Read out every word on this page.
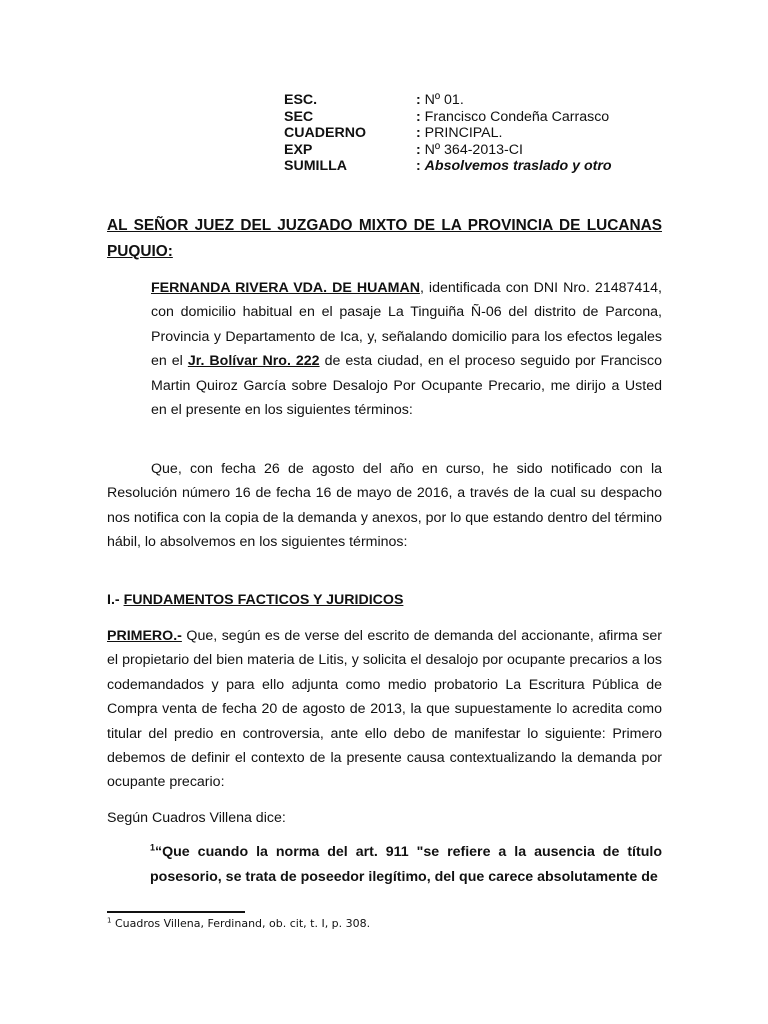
ESC.	: Nº 01.
SEC	: Francisco Condeña Carrasco
CUADERNO	: PRINCIPAL.
EXP	: Nº 364-2013-CI
SUMILLA	: Absolvemos traslado y otro
AL SEÑOR JUEZ DEL JUZGADO MIXTO DE LA PROVINCIA DE LUCANAS PUQUIO:
FERNANDA RIVERA VDA. DE HUAMAN, identificada con DNI Nro. 21487414, con domicilio habitual en el pasaje La Tinguiña Ñ-06 del distrito de Parcona, Provincia y Departamento de Ica, y, señalando domicilio para los efectos legales en el Jr. Bolívar Nro. 222 de esta ciudad, en el proceso seguido por Francisco Martin Quiroz García sobre Desalojo Por Ocupante Precario, me dirijo a Usted en el presente en los siguientes términos:
Que, con fecha 26 de agosto del año en curso, he sido notificado con la Resolución número 16 de fecha 16 de mayo de 2016, a través de la cual su despacho nos notifica con la copia de la demanda y anexos, por lo que estando dentro del término hábil, lo absolvemos en los siguientes términos:
I.- FUNDAMENTOS FACTICOS Y JURIDICOS
PRIMERO.- Que, según es de verse del escrito de demanda del accionante, afirma ser el propietario del bien materia de Litis, y solicita el desalojo por ocupante precarios a los codemandados y para ello adjunta como medio probatorio La Escritura Pública de Compra venta de fecha 20 de agosto de 2013, la que supuestamente lo acredita como titular del predio en controversia, ante ello debo de manifestar lo siguiente: Primero debemos de definir el contexto de la presente causa contextualizando la demanda por ocupante precario:
Según Cuadros Villena dice:
$^1$“Que cuando la norma del art. 911 "se refiere a la ausencia de título posesorio, se trata de poseedor ilegítimo, del que carece absolutamente de
$^1$ Cuadros Villena, Ferdinand, ob. cit, t. I, p. 308.
